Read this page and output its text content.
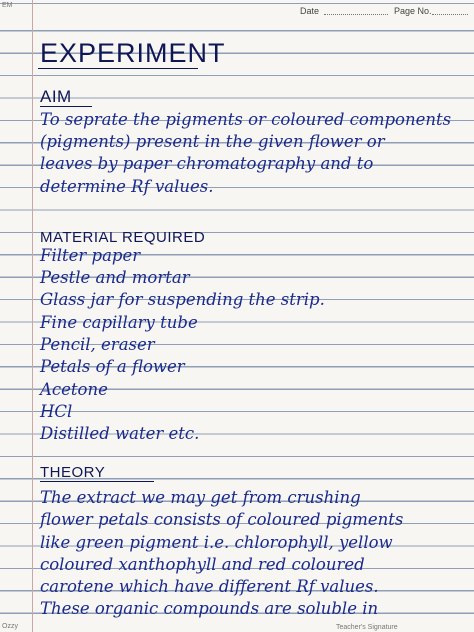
EM
Date	Page No.
EXPERIMENT
AIM
To seprate the pigments or coloured components
(pigments) present in the given flower or
leaves by paper chromatography and to
determine Rf values.
MATERIAL REQUIRED
Filter paper
Pestle and mortar
Glass jar for suspending the strip.
Fine capillary tube
Pencil, eraser
Petals of a flower
Acetone
HCl
Distilled water etc.
THEORY
The extract we may get from crushing
flower petals consists of coloured pigments
like green pigment i.e. chlorophyll, yellow
coloured xanthophyll and red coloured
carotene which have different Rf values.
These organic compounds are soluble in
Ozzy	Teacher's Signature
